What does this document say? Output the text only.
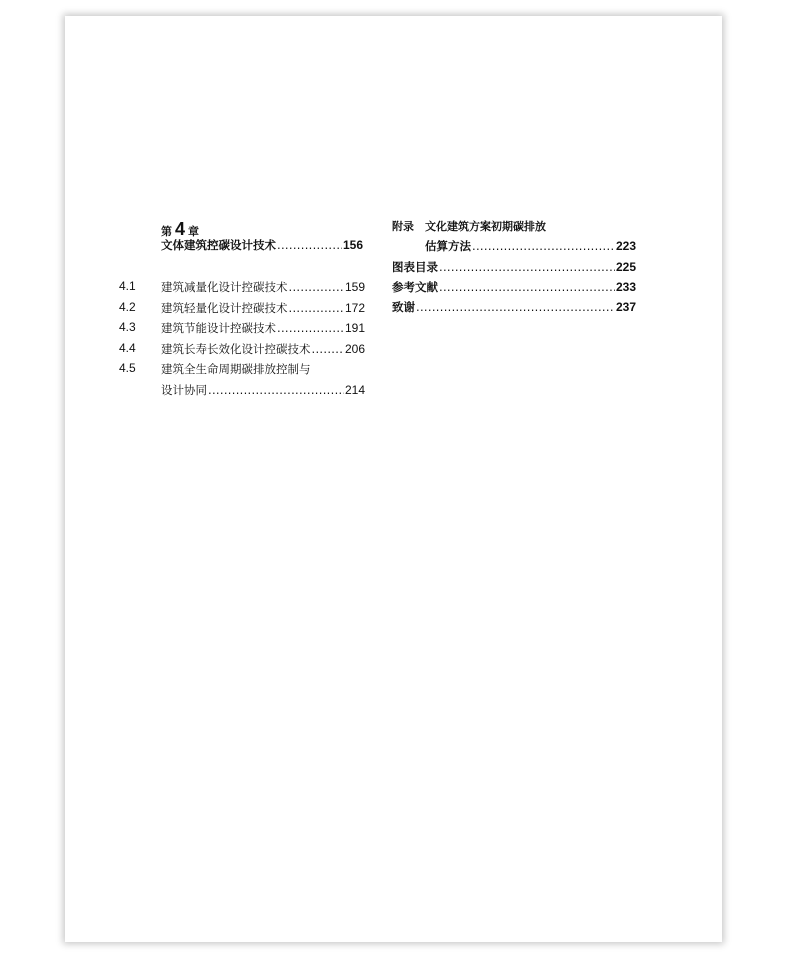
第 4 章
文体建筑控碳设计技术 .....	156
4.1 建筑减量化设计控碳技术 .....	159
4.2 建筑轻量化设计控碳技术 .....	172
4.3 建筑节能设计控碳技术 .....	191
4.4 建筑长寿长效化设计控碳技术 .....	206
4.5 建筑全生命周期碳排放控制与
设计协同 .....	214
附录 文化建筑方案初期碳排放
估算方法 .....	223
图表目录 .....	225
参考文献 .....	233
致谢 .....	237
